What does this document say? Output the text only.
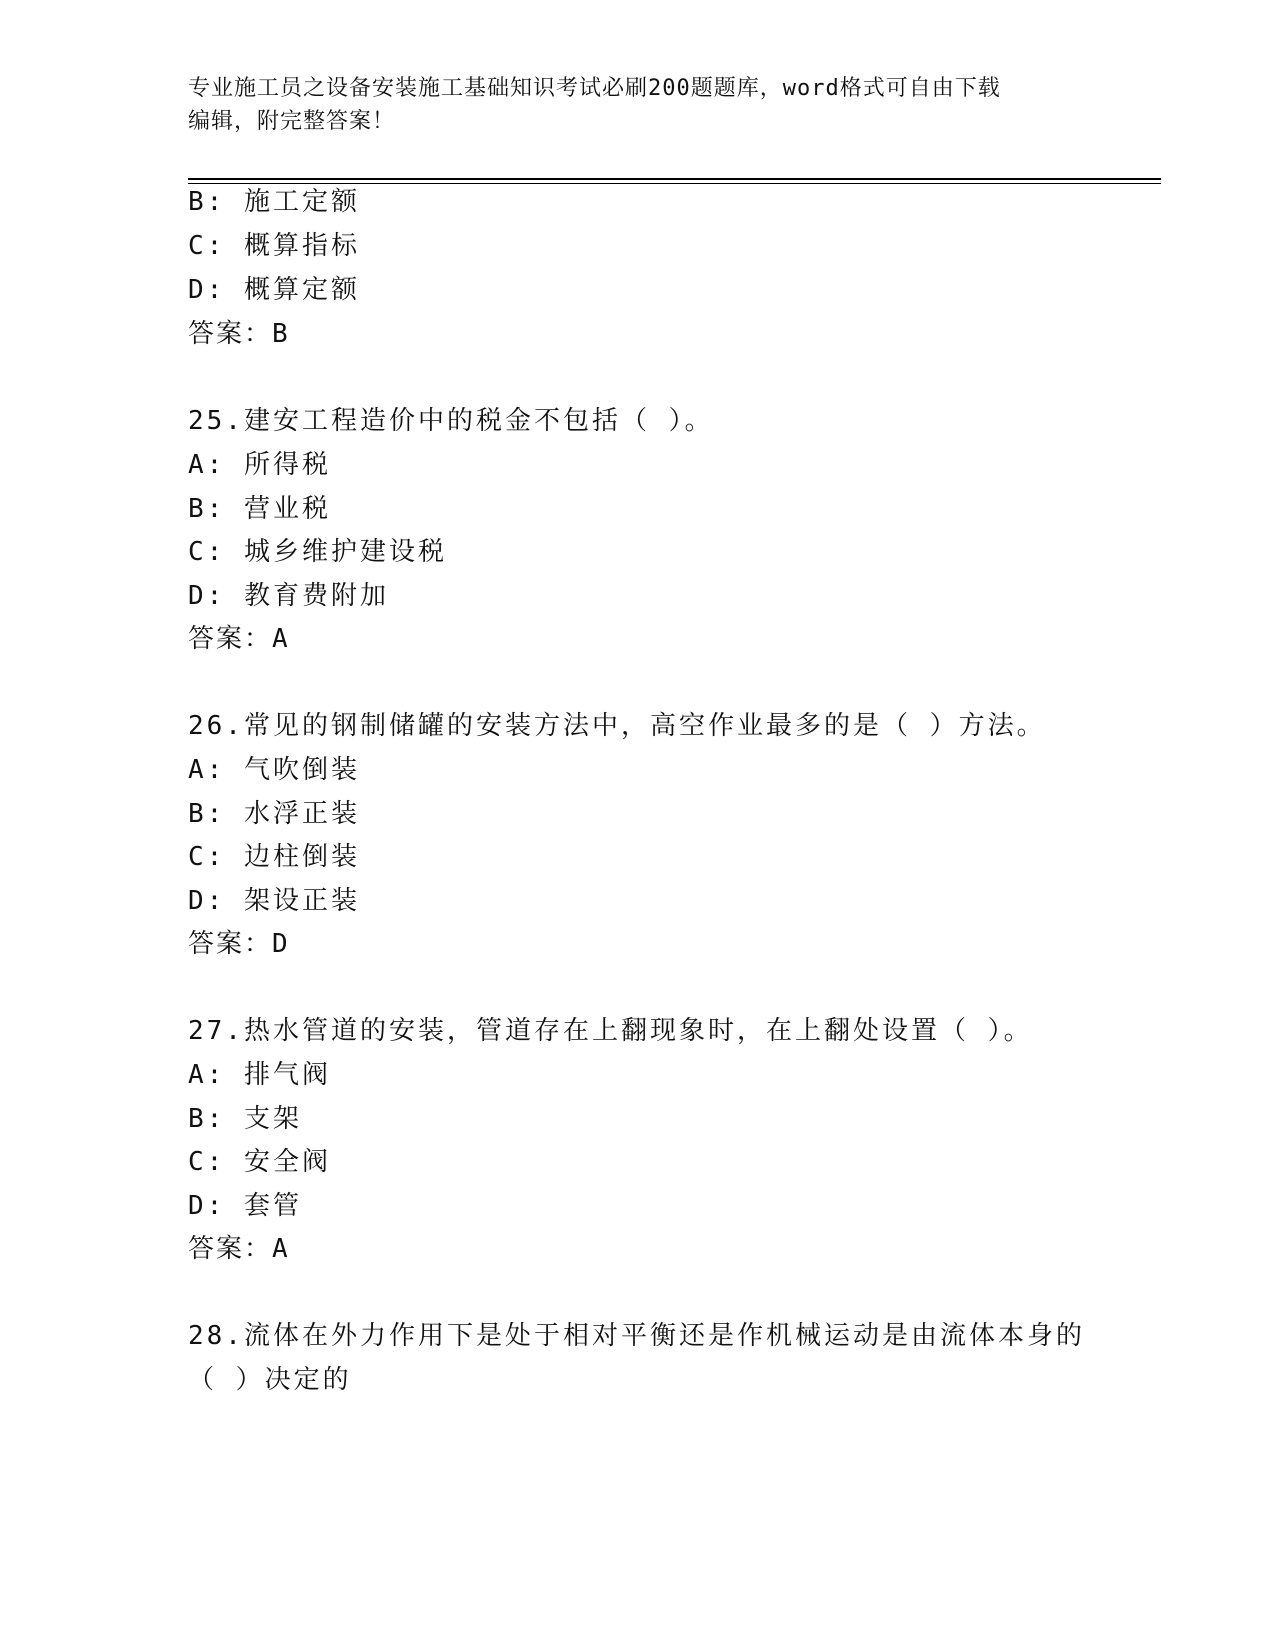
专业施工员之设备安装施工基础知识考试必刷200题题库，word格式可自由下载
编辑，附完整答案！
B: 施工定额
C: 概算指标
D: 概算定额
答案：B
25.建安工程造价中的税金不包括（ ）。
A: 所得税
B: 营业税
C: 城乡维护建设税
D: 教育费附加
答案：A
26.常见的钢制储罐的安装方法中，高空作业最多的是（ ）方法。
A: 气吹倒装
B: 水浮正装
C: 边柱倒装
D: 架设正装
答案：D
27.热水管道的安装，管道存在上翻现象时，在上翻处设置（ ）。
A: 排气阀
B: 支架
C: 安全阀
D: 套管
答案：A
28.流体在外力作用下是处于相对平衡还是作机械运动是由流体本身的
（ ）决定的
